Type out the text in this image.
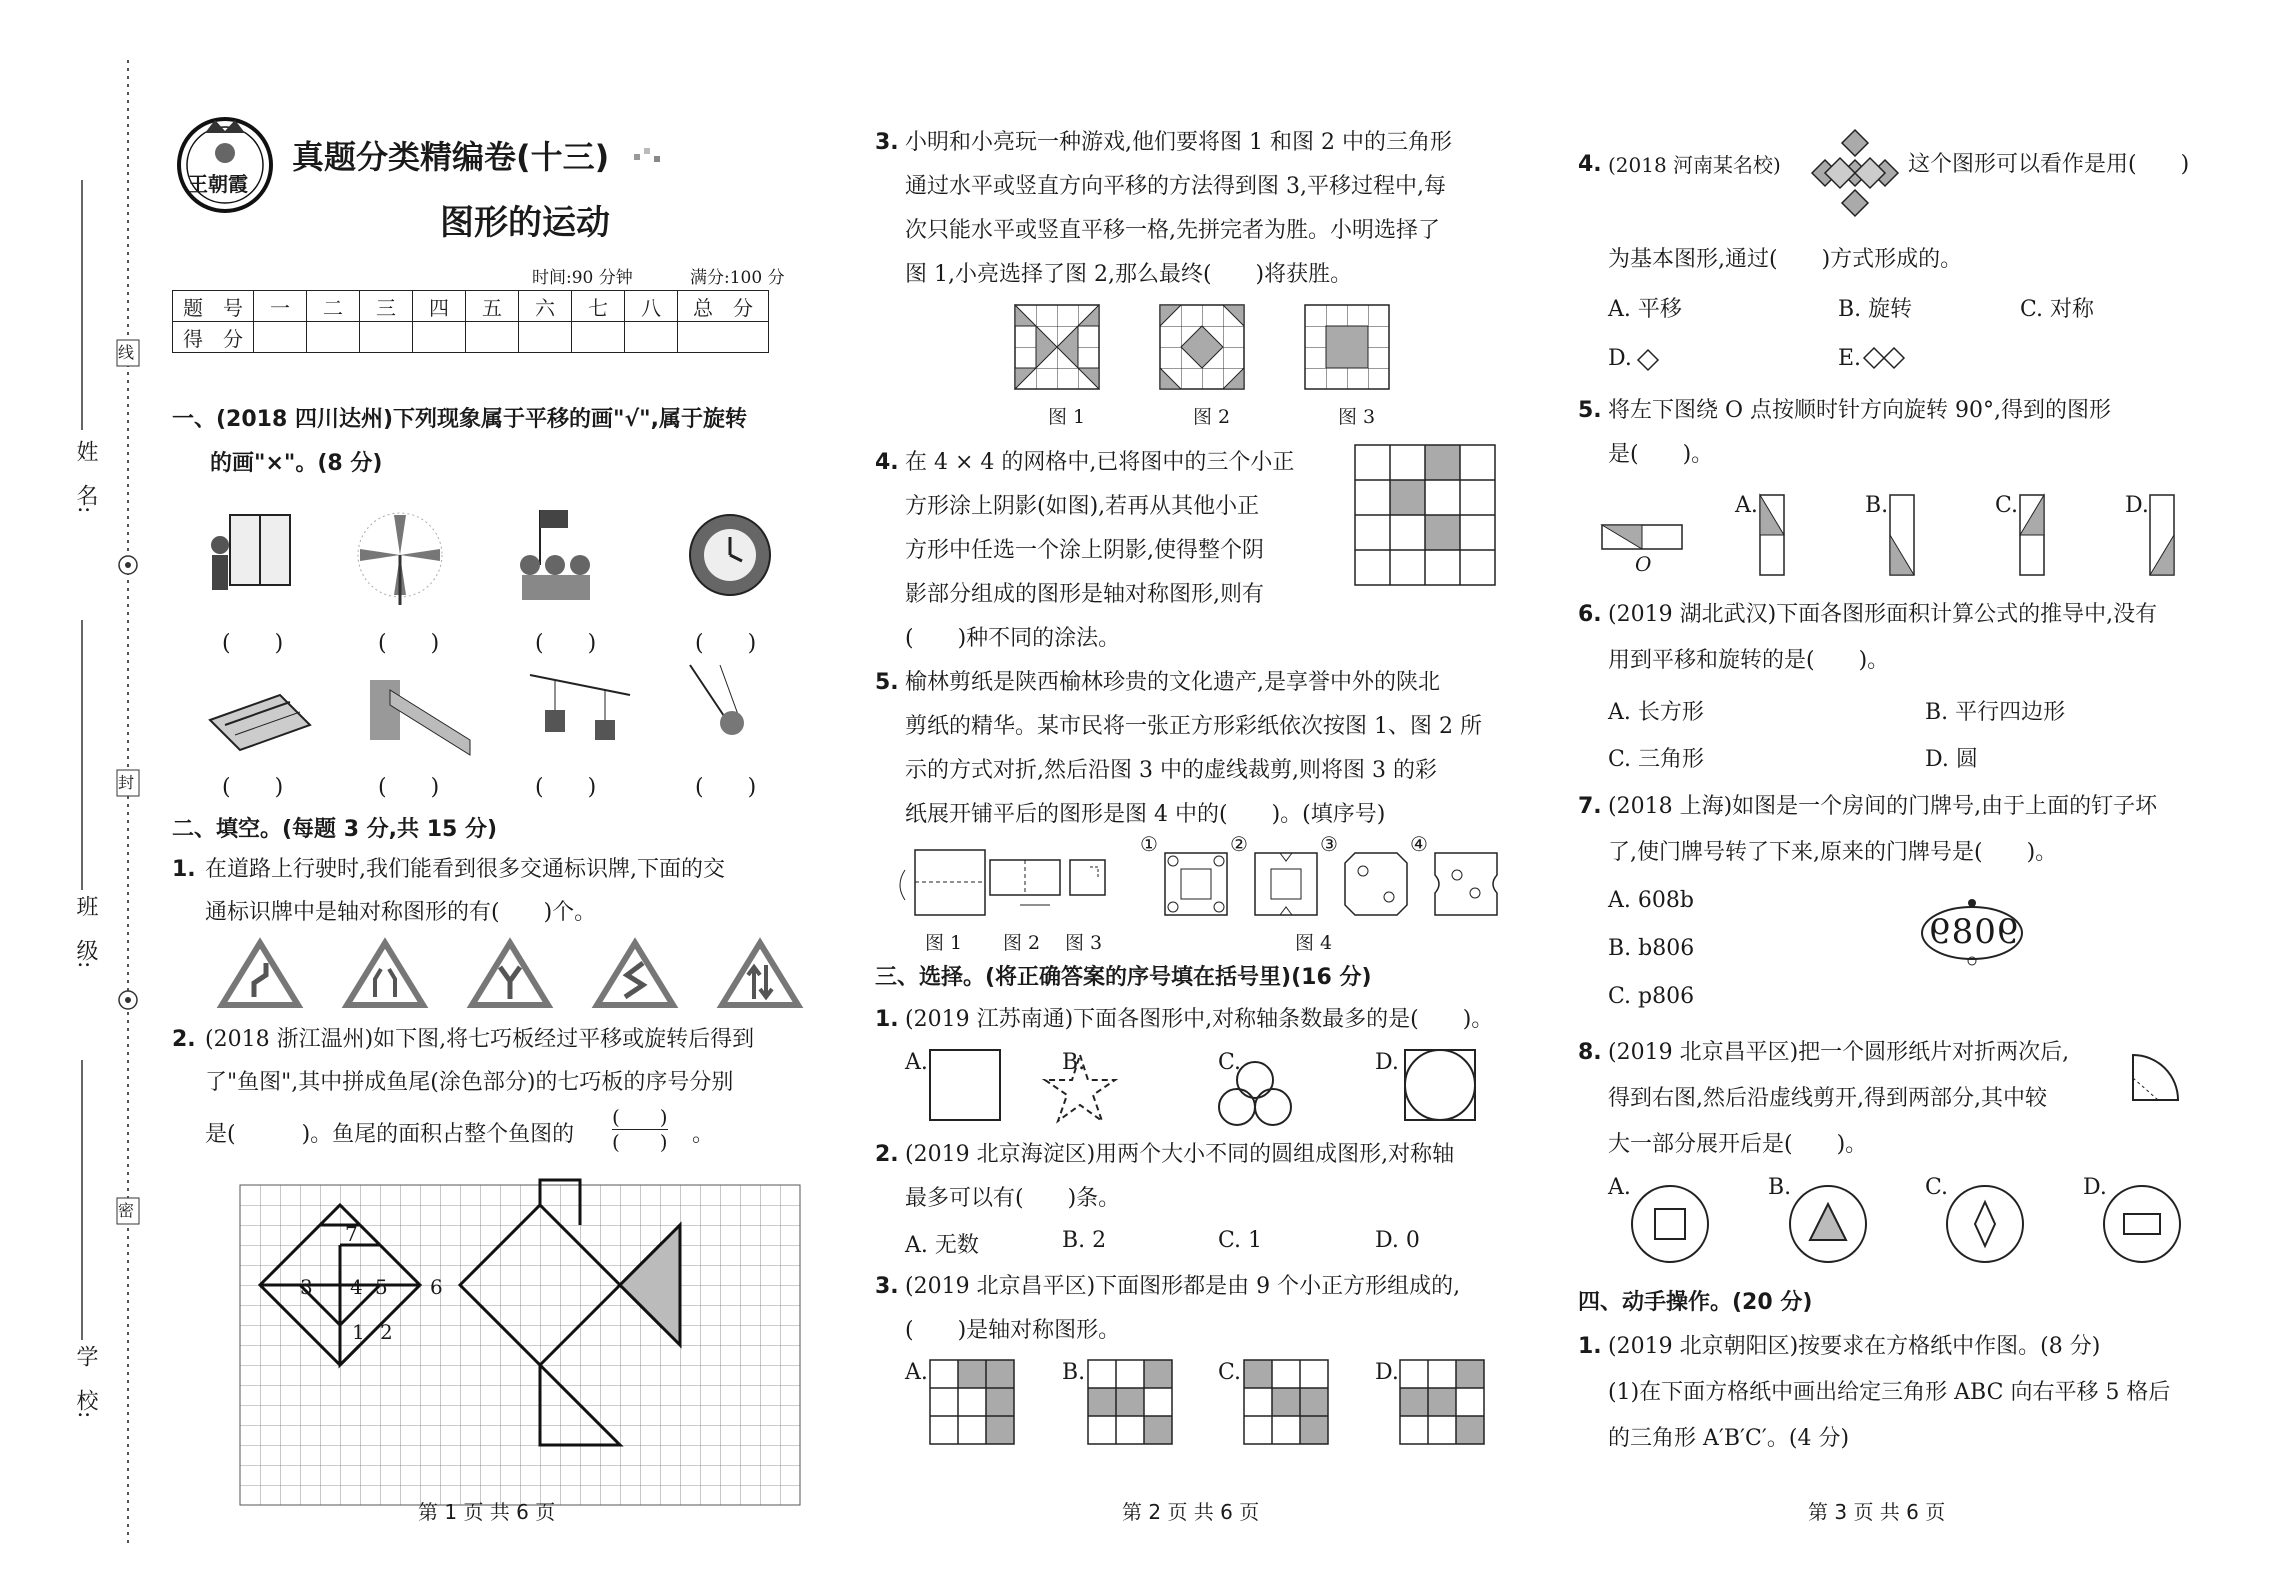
姓　名:
班　级:
学　校:
线
封
密
王朝霞
真题分类精编卷(十三)
图形的运动
时间:90 分钟	满分:100 分
题　号	一	二	三	四	五	六	七	八	总　分
得　分									
一、(2018 四川达州)下列现象属于平移的画"√",属于旋转
的画"×"。(8 分)
(　　)	(　　)	(　　)	(　　)
(　　)	(　　)	(　　)	(　　)
二、填空。(每题 3 分,共 15 分)
1. 在道路上行驶时,我们能看到很多交通标识牌,下面的交
通标识牌中是轴对称图形的有(　　)个。
2. (2018 浙江温州)如下图,将七巧板经过平移或旋转后得到
了"鱼图",其中拼成鱼尾(涂色部分)的七巧板的序号分别
是(　　　)。鱼尾的面积占整个鱼图的
(　　)
(　　) 。
7
3 4 5 6
1 2
第 1 页 共 6 页
3. 小明和小亮玩一种游戏,他们要将图 1 和图 2 中的三角形
通过水平或竖直方向平移的方法得到图 3,平移过程中,每
次只能水平或竖直平移一格,先拼完者为胜。小明选择了
图 1,小亮选择了图 2,那么最终(　　)将获胜。
图 1	图 2	图 3
4. 在 4 × 4 的网格中,已将图中的三个小正
方形涂上阴影(如图),若再从其他小正
方形中任选一个涂上阴影,使得整个阴
影部分组成的图形是轴对称图形,则有
(　　)种不同的涂法。
5. 榆林剪纸是陕西榆林珍贵的文化遗产,是享誉中外的陕北
剪纸的精华。某市民将一张正方形彩纸依次按图 1、图 2 所
示的方式对折,然后沿图 3 中的虚线裁剪,则将图 3 的彩
纸展开铺平后的图形是图 4 中的(　　)。(填序号)
①	②	③	④
图 1 图 2 图 3	图 4
三、选择。(将正确答案的序号填在括号里)(16 分)
1. (2019 江苏南通)下面各图形中,对称轴条数最多的是(　　)。
A.	B.	C.	D.
2. (2019 北京海淀区)用两个大小不同的圆组成图形,对称轴
最多可以有(　　)条。
A. 无数	B. 2	C. 1	D. 0
3. (2019 北京昌平区)下面图形都是由 9 个小正方形组成的,
(　　)是轴对称图形。
A.	B.	C.	D.
第 2 页 共 6 页
4. (2018 河南某名校)	这个图形可以看作是用(　　)
为基本图形,通过(　　)方式形成的。
A. 平移	B. 旋转	C. 对称
D.	E.
5. 将左下图绕 O 点按顺时针方向旋转 90°,得到的图形
是(　　)。
O
A.	B.	C.	D.
6. (2019 湖北武汉)下面各图形面积计算公式的推导中,没有
用到平移和旋转的是(　　)。
A. 长方形	B. 平行四边形
C. 三角形	D. 圆
7. (2018 上海)如图是一个房间的门牌号,由于上面的钉子坏
了,使门牌号转了下来,原来的门牌号是(　　)。
A. 608b
B. b806
C. p806
9089
8. (2019 北京昌平区)把一个圆形纸片对折两次后,
得到右图,然后沿虚线剪开,得到两部分,其中较
大一部分展开后是(　　)。
A.	B.	C.	D.
四、动手操作。(20 分)
1. (2019 北京朝阳区)按要求在方格纸中作图。(8 分)
(1)在下面方格纸中画出给定三角形 ABC 向右平移 5 格后
的三角形 A′B′C′。(4 分)
第 3 页 共 6 页
